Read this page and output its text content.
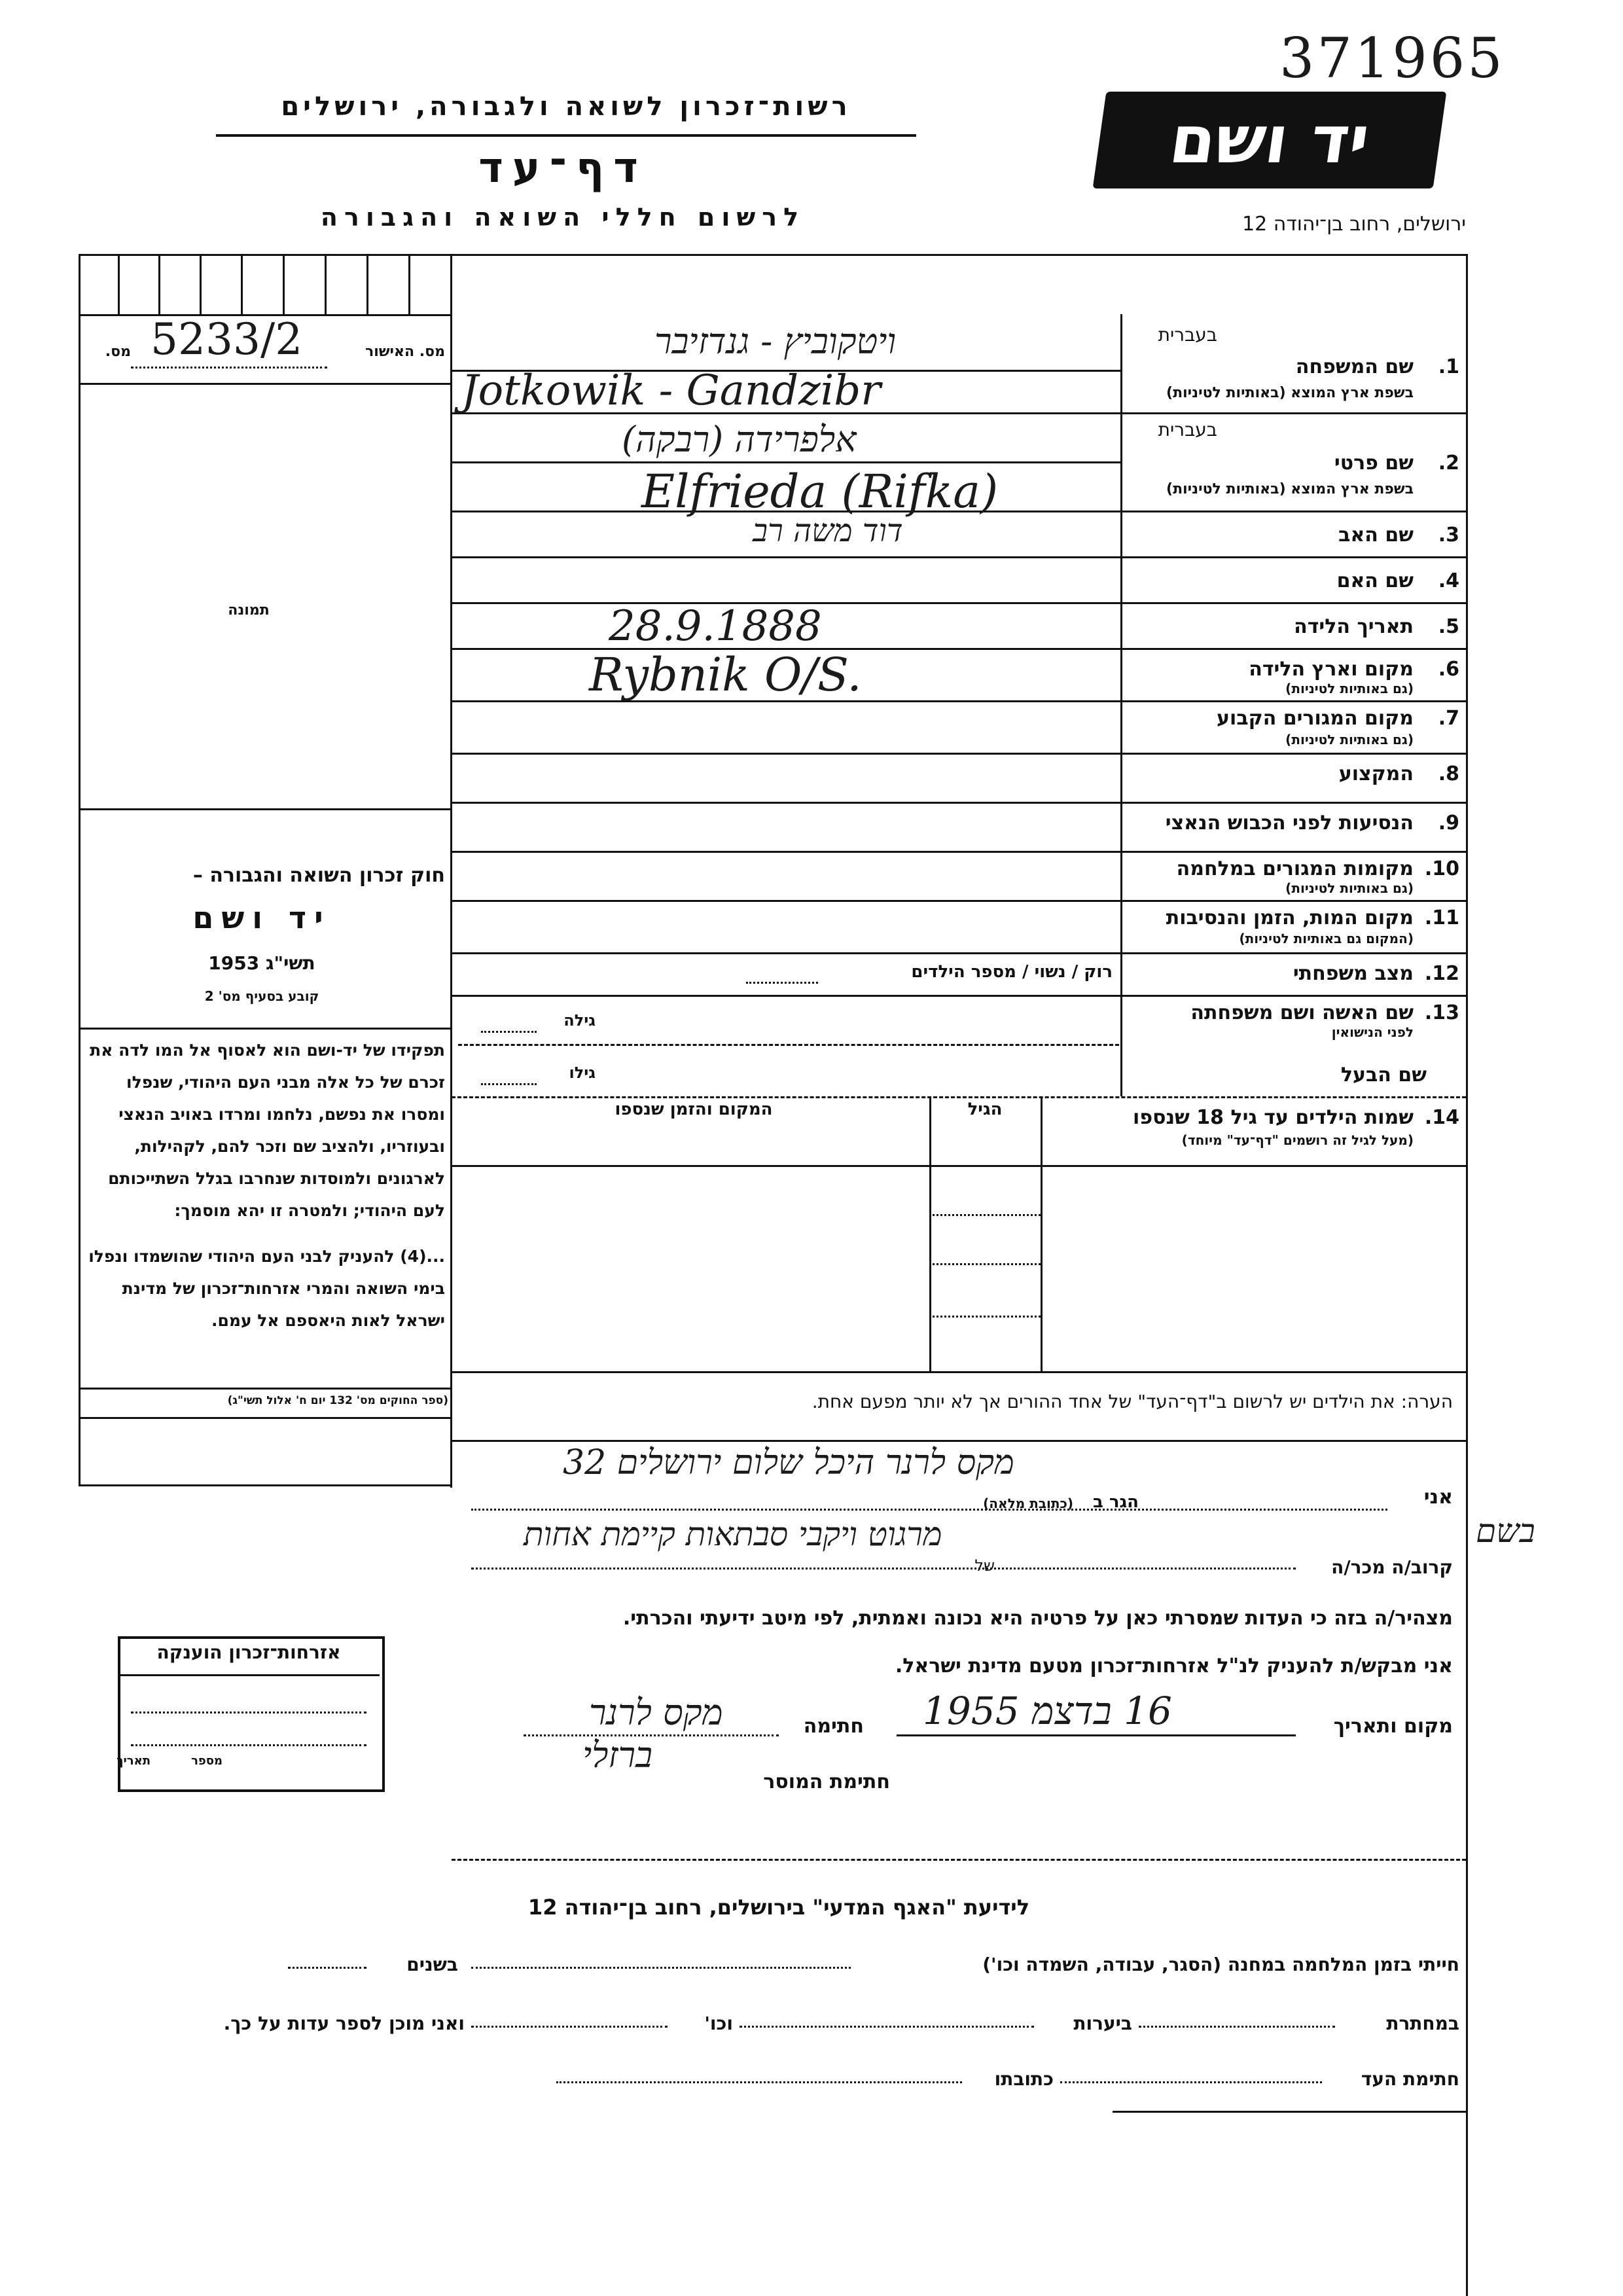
371965
רשות־זכרון לשואה ולגבורה, ירושלים
דף־עד
לרשום חללי השואה והגבורה
יד ושם
ירושלים, רחוב בן־יהודה 12
מס. 5233/2	מס. האישור
תמונה
חוק זכרון השואה והגבורה –
יד ושם
תשי"ג 1953
קובע בסעיף מס' 2
תפקידו של יד-ושם הוא לאסוף אל המו לדה את זכרם של כל אלה מבני העם היהודי, שנפלו ומסרו את נפשם, נלחמו ומרדו באויב הנאצי ובעוזריו, ולהציב שם וזכר להם, לקהילות, לארגונים ולמוסדות שנחרבו בגלל השתייכותם לעם היהודי; ולמטרה זו יהא מוסמך:
...(4) להעניק לבני העם היהודי שהושמדו ונפלו בימי השואה והמרי אזרחות־זכרון של מדינת ישראל לאות היאספם אל עמם.
(ספר החוקים מס' 132 יום ח' אלול תשי"ג)
בעברית
1.
שם המשפחה
בשפת ארץ המוצא (באותיות לטיניות)
בעברית
2.
שם פרטי
בשפת ארץ המוצא (באותיות לטיניות)
3.
שם האב
4.
שם האם
5.
תאריך הלידה
6.
מקום וארץ הלידה
(גם באותיות לטיניות)
7.
מקום המגורים הקבוע
(גם באותיות לטיניות)
8.
המקצוע
9.
הנסיעות לפני הכבוש הנאצי
10.
מקומות המגורים במלחמה
(גם באותיות לטיניות)
11.
מקום המות, הזמן והנסיבות
(המקום גם באותיות לטיניות)
12.
מצב משפחתי
רוק / נשוי / מספר הילדים
13.
שם האשה ושם משפחתה
לפני הנישואין
גילה
שם הבעל
גילו
14.
שמות הילדים עד גיל 18 שנספו
(מעל לגיל זה רושמים "דף־עד" מיוחד)
הגיל
המקום והזמן שנספו
הערה: את הילדים יש לרשום ב"דף־העד" של אחד ההורים אך לא יותר מפעם אחת.
ויטקוביץ - גנדזיבר
Jotkowik - Gandzibr
אלפרידה (רבקה)
Elfrieda (Rifka)
דוד משה רב
28.9.1888
Rybnik O/S.
מקס לרנר היכל שלום ירושלים 32
אני
הגר ב
(כתובת מלאה)
מרגוט ויקבי סבתאות קיימת אחות	בשם
קרוב/ה מכר/ה
של
מצהיר/ה בזה כי העדות שמסרתי כאן על פרטיה היא נכונה ואמתית, לפי מיטב ידיעתי והכרתי.
אני מבקש/ת להעניק לנ"ל אזרחות־זכרון מטעם מדינת ישראל.
מקום ותאריך
16 בדצמ 1955
חתימה
מקס לרנר
חתימת המוסר
ברזלי
אזרחות־זכרון הוענקה
מספר
תאריך
לידיעת "האגף המדעי" בירושלים, רחוב בן־יהודה 12
חייתי בזמן המלחמה במחנה (הסגר, עבודה, השמדה וכו')
בשנים
במחתרת
ביערות
וכו'
ואני מוכן לספר עדות על כך.
חתימת העד
כתובתו
